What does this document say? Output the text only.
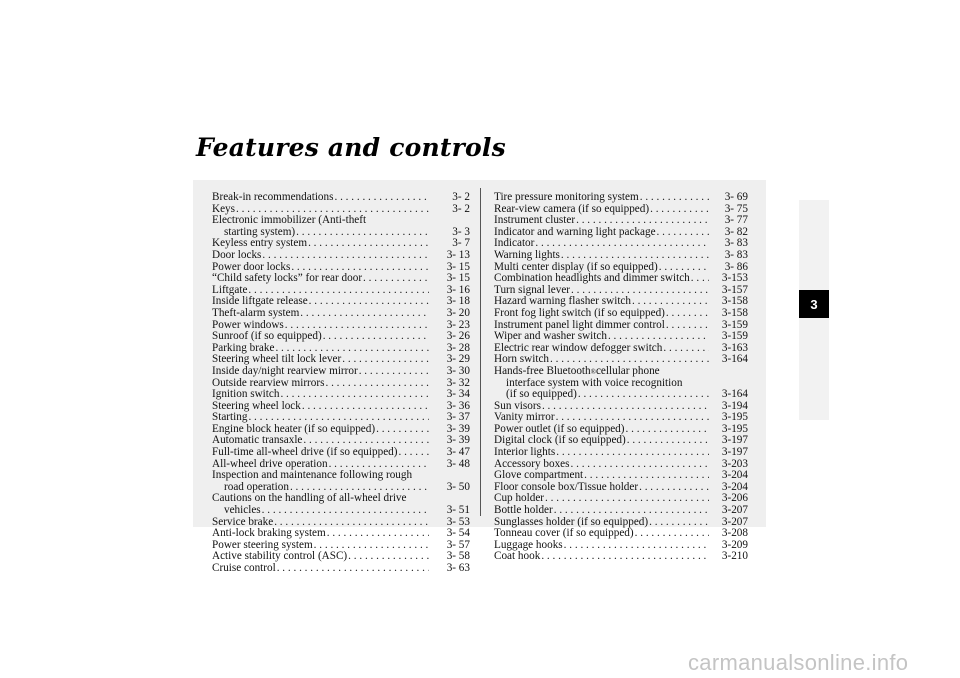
Features and controls
Break-in recommendations . . .	3- 2
Keys . . .	3- 2
Electronic immobilizer (Anti-theft
starting system) . . .	3- 3
Keyless entry system . . .	3- 7
Door locks . . .	3- 13
Power door locks . . .	3- 15
“Child safety locks” for rear door . . .	3- 15
Liftgate . . .	3- 16
Inside liftgate release . . .	3- 18
Theft-alarm system . . .	3- 20
Power windows . . .	3- 23
Sunroof (if so equipped) . . .	3- 26
Parking brake . . .	3- 28
Steering wheel tilt lock lever . . .	3- 29
Inside day/night rearview mirror . . .	3- 30
Outside rearview mirrors . . .	3- 32
Ignition switch . . .	3- 34
Steering wheel lock . . .	3- 36
Starting . . .	3- 37
Engine block heater (if so equipped) . . .	3- 39
Automatic transaxle . . .	3- 39
Full-time all-wheel drive (if so equipped) . . .	3- 47
All-wheel drive operation . . .	3- 48
Inspection and maintenance following rough
road operation . . .	3- 50
Cautions on the handling of all-wheel drive
vehicles . . .	3- 51
Service brake . . .	3- 53
Anti-lock braking system . . .	3- 54
Power steering system . . .	3- 57
Active stability control (ASC) . . .	3- 58
Cruise control . . .	3- 63
Tire pressure monitoring system . . .	3- 69
Rear-view camera (if so equipped) . . .	3- 75
Instrument cluster . . .	3- 77
Indicator and warning light package . . .	3- 82
Indicator . . .	3- 83
Warning lights . . .	3- 83
Multi center display (if so equipped) . . .	3- 86
Combination headlights and dimmer switch . . .	3-153
Turn signal lever . . .	3-157
Hazard warning flasher switch . . .	3-158
Front fog light switch (if so equipped) . . .	3-158
Instrument panel light dimmer control . . .	3-159
Wiper and washer switch . . .	3-159
Electric rear window defogger switch . . .	3-163
Horn switch . . .	3-164
Hands-free Bluetooth ® cellular phone
interface system with voice recognition
(if so equipped) . . .	3-164
Sun visors . . .	3-194
Vanity mirror . . .	3-195
Power outlet (if so equipped) . . .	3-195
Digital clock (if so equipped) . . .	3-197
Interior lights . . .	3-197
Accessory boxes . . .	3-203
Glove compartment . . .	3-204
Floor console box/Tissue holder . . .	3-204
Cup holder . . .	3-206
Bottle holder . . .	3-207
Sunglasses holder (if so equipped) . . .	3-207
Tonneau cover (if so equipped) . . .	3-208
Luggage hooks . . .	3-209
Coat hook . . .	3-210
3
carmanualsonline.info
